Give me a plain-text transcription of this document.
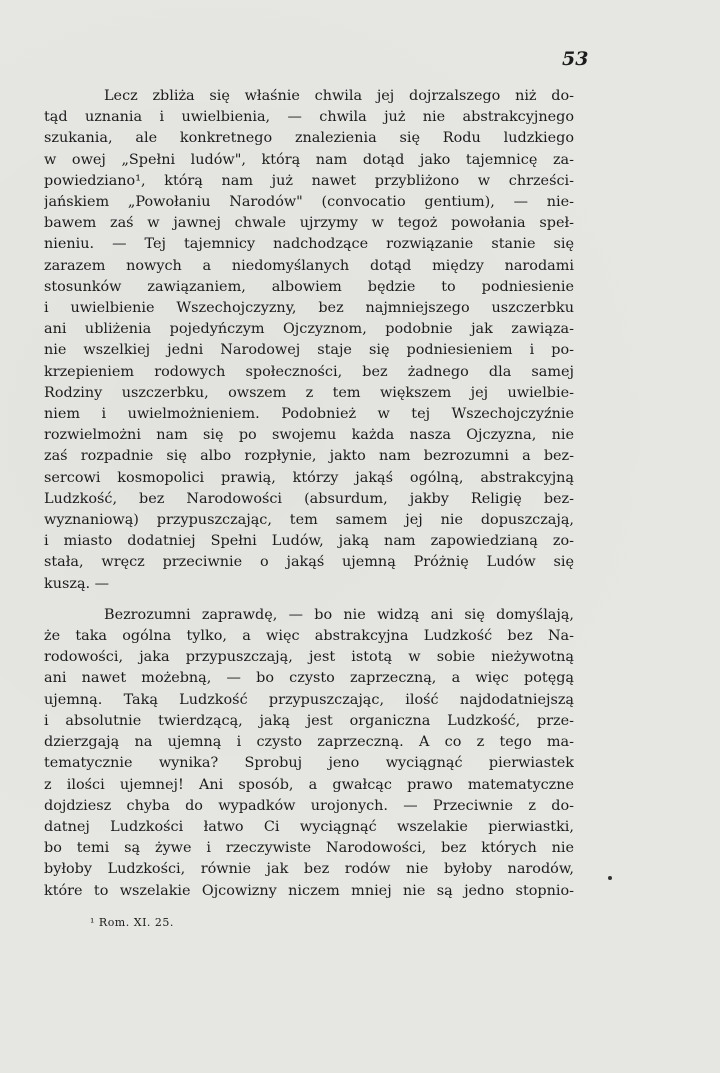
53
Lecz zbliża się właśnie chwila jej dojrzalszego niż do-
tąd uznania i uwielbienia, — chwila już nie abstrakcyjnego
szukania, ale konkretnego znalezienia się Rodu ludzkiego
w owej „Spełni ludów", którą nam dotąd jako tajemnicę za-
powiedziano¹, którą nam już nawet przybliżono w chrześci-
jańskiem „Powołaniu Narodów" (convocatio gentium), — nie-
bawem zaś w jawnej chwale ujrzymy w tegoż powołania speł-
nieniu. — Tej tajemnicy nadchodzące rozwiązanie stanie się
zarazem nowych a niedomyślanych dotąd między narodami
stosunków zawiązaniem, albowiem będzie to podniesienie
i uwielbienie Wszechojczyzny, bez najmniejszego uszczerbku
ani ubliżenia pojedyńczym Ojczyznom, podobnie jak zawiąza-
nie wszelkiej jedni Narodowej staje się podniesieniem i po-
krzepieniem rodowych społeczności, bez żadnego dla samej
Rodziny uszczerbku, owszem z tem większem jej uwielbie-
niem i uwielmożnieniem. Podobnież w tej Wszechojczyźnie
rozwielmożni nam się po swojemu każda nasza Ojczyzna, nie
zaś rozpadnie się albo rozpłynie, jakto nam bezrozumni a bez-
sercowi kosmopolici prawią, którzy jakąś ogólną, abstrakcyjną
Ludzkość, bez Narodowości (absurdum, jakby Religię bez-
wyznaniową) przypuszczając, tem samem jej nie dopuszczają,
i miasto dodatniej Spełni Ludów, jaką nam zapowiedzianą zo-
stała, wręcz przeciwnie o jakąś ujemną Próżnię Ludów się
kuszą. —
Bezrozumni zaprawdę, — bo nie widzą ani się domyślają,
że taka ogólna tylko, a więc abstrakcyjna Ludzkość bez Na-
rodowości, jaka przypuszczają, jest istotą w sobie nieżywotną
ani nawet możebną, — bo czysto zaprzeczną, a więc potęgą
ujemną. Taką Ludzkość przypuszczając, ilość najdodatniejszą
i absolutnie twierdzącą, jaką jest organiczna Ludzkość, prze-
dzierzgają na ujemną i czysto zaprzeczną. A co z tego ma-
tematycznie wynika? Sprobuj jeno wyciągnąć pierwiastek
z ilości ujemnej! Ani sposób, a gwałcąc prawo matematyczne
dojdziesz chyba do wypadków urojonych. — Przeciwnie z do-
datnej Ludzkości łatwo Ci wyciągnąć wszelakie pierwiastki,
bo temi są żywe i rzeczywiste Narodowości, bez których nie
byłoby Ludzkości, równie jak bez rodów nie byłoby narodów,
które to wszelakie Ojcowizny niczem mniej nie są jedno stopnio-
¹ Rom. XI. 25.
